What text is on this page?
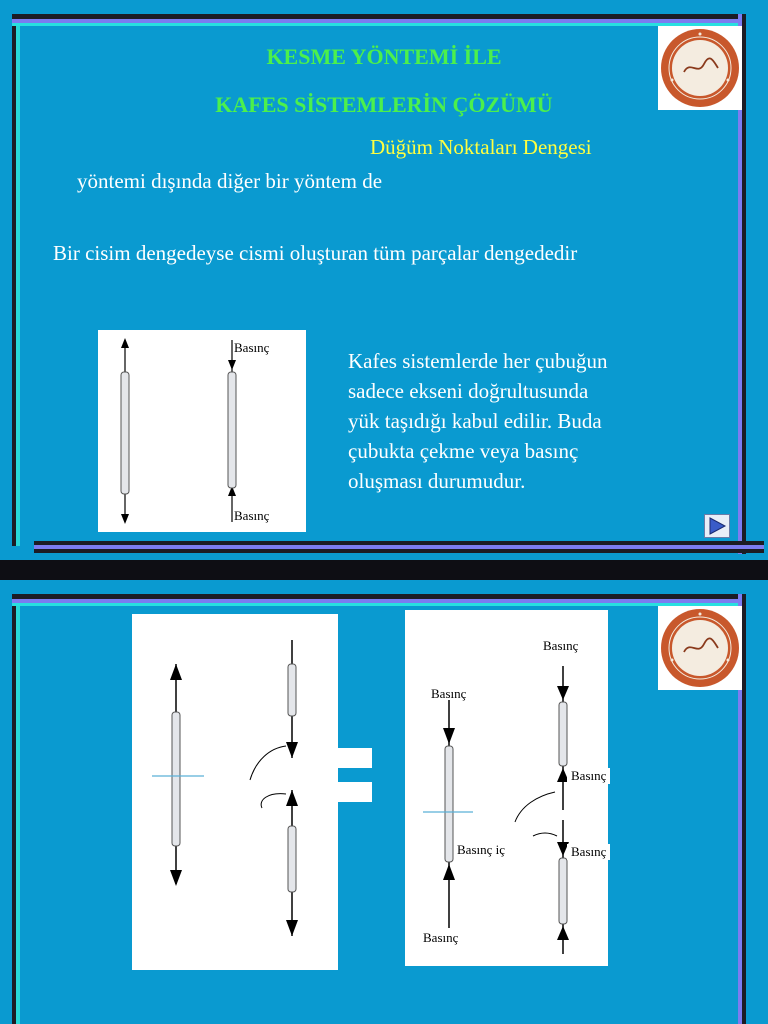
KESME YÖNTEMİ İLE
KAFES SİSTEMLERİN ÇÖZÜMÜ
Düğüm Noktaları Dengesi
yöntemi dışında diğer bir yöntem de
Bir cisim dengedeyse cismi oluşturan tüm parçalar dengededir
Kafes sistemlerde her çubuğun
sadece ekseni doğrultusunda
yük taşıdığı kabul edilir. Buda
çubukta çekme veya basınç
oluşması durumudur.
Basınç
Basınç
Basınç
Basınç
Basınç
Basınç iç	Basınç
Basınç
